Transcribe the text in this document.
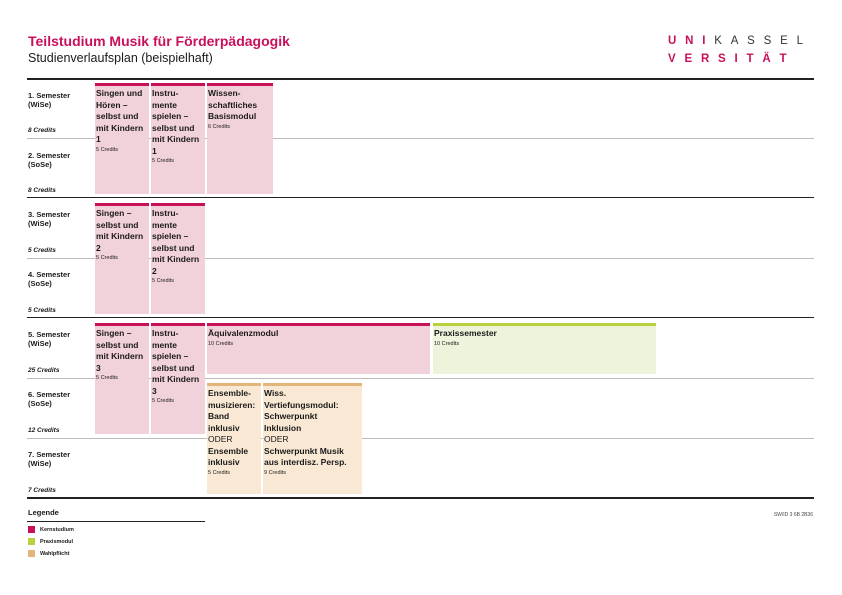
Teilstudium Musik für Förderpädagogik
Studienverlaufsplan (beispielhaft)
UNIKASSEL
VERSITÄT
1. Semester
(WiSe)
8 Credits
2. Semester
(SoSe)
8 Credits
3. Semester
(WiSe)
5 Credits
4. Semester
(SoSe)
5 Credits
5. Semester
(WiSe)
25 Credits
6. Semester
(SoSe)
12 Credits
7. Semester
(WiSe)
7 Credits
Singen und
Hören –
selbst und
mit Kindern
1
5 Credits
Instru-
mente
spielen –
selbst und
mit Kindern
1
5 Credits
Wissen-
schaftliches
Basismodul
6 Credits
Singen –
selbst und
mit Kindern
2
5 Credits
Instru-
mente
spielen –
selbst und
mit Kindern
2
5 Credits
Singen –
selbst und
mit Kindern
3
5 Credits
Instru-
mente
spielen –
selbst und
mit Kindern
3
5 Credits
Äquivalenzmodul
10 Credits
Praxissemester
10 Credits
Ensemble-
musizieren:
Band
inklusiv
ODER
Ensemble
inklusiv
5 Credits
Wiss.
Vertiefungsmodul:
Schwerpunkt
Inklusion
ODER
Schwerpunkt Musik
aus interdisz. Persp.
9 Credits
Legende
Kernstudium
Praxismodul
Wahlpflicht
SW/ID 3 6B 2B36
